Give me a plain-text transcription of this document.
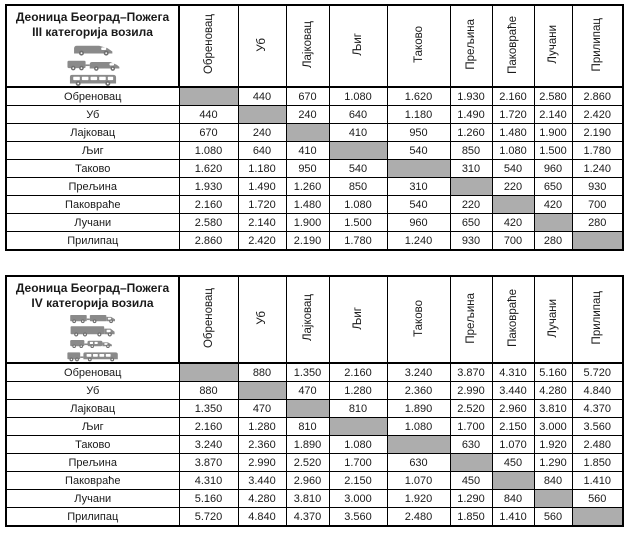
Деоница Београд–Пожега
III категорија возила	Обреновац	Уб	Лајковац	Љиг	Таково	Прељина	Паковраће	Лучани	Прилипац
Обреновац		440	670	1.080	1.620	1.930	2.160	2.580	2.860
Уб	440		240	640	1.180	1.490	1.720	2.140	2.420
Лајковац	670	240		410	950	1.260	1.480	1.900	2.190
Љиг	1.080	640	410		540	850	1.080	1.500	1.780
Таково	1.620	1.180	950	540		310	540	960	1.240
Прељина	1.930	1.490	1.260	850	310		220	650	930
Паковраће	2.160	1.720	1.480	1.080	540	220		420	700
Лучани	2.580	2.140	1.900	1.500	960	650	420		280
Прилипац	2.860	2.420	2.190	1.780	1.240	930	700	280	
Деоница Београд–Пожега
IV категорија возила	Обреновац	Уб	Лајковац	Љиг	Таково	Прељина	Паковраће	Лучани	Прилипац
Обреновац		880	1.350	2.160	3.240	3.870	4.310	5.160	5.720
Уб	880		470	1.280	2.360	2.990	3.440	4.280	4.840
Лајковац	1.350	470		810	1.890	2.520	2.960	3.810	4.370
Љиг	2.160	1.280	810		1.080	1.700	2.150	3.000	3.560
Таково	3.240	2.360	1.890	1.080		630	1.070	1.920	2.480
Прељина	3.870	2.990	2.520	1.700	630		450	1.290	1.850
Паковраће	4.310	3.440	2.960	2.150	1.070	450		840	1.410
Лучани	5.160	4.280	3.810	3.000	1.920	1.290	840		560
Прилипац	5.720	4.840	4.370	3.560	2.480	1.850	1.410	560	
